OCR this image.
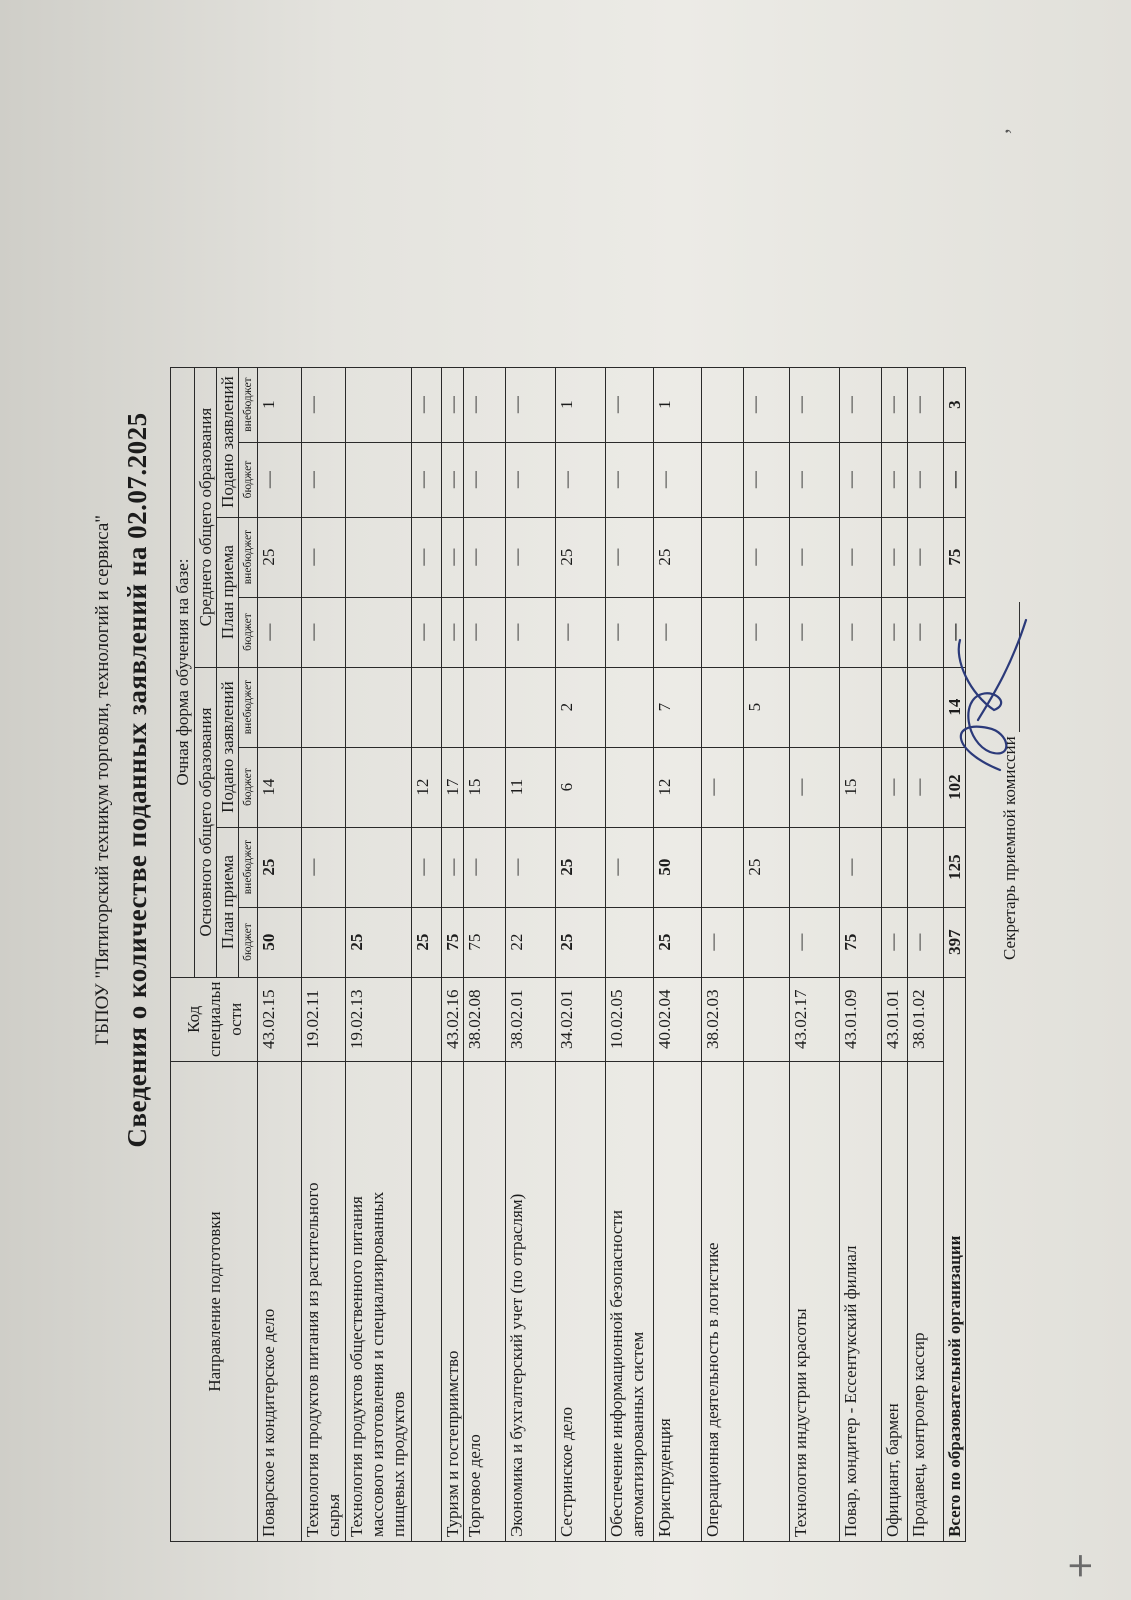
ГБПОУ "Пятигорский техникум торговли, технологий и сервиса" Сведения о количестве поданных заявлений на 02.07.2025
Направление подготовки	Код специальн ости	Очная форма обучения на базе:							
		Основного общего образования				Среднего общего образования			
		План приема		Подано заявлений		План приема		Подано заявлений	
		бюджет	внебюджет	бюджет	внебюджет	бюджет	внебюджет	бюджет	внебюджет
Поварское и кондитерское дело	43.02.15	50	25	14		—	25	—	1
Технология продуктов питания из растительного сырья	19.02.11		—			—	—	—	—
Технология продуктов общественного питания массового изготовления и специализированных пищевых продуктов	19.02.13	25							
		25	—	12		—	—	—	—
Туризм и гостеприимство	43.02.16	75	—	17		—	—	—	—
Торговое дело	38.02.08	75	—	15		—	—	—	—
Экономика и бухгалтерский учет (по отраслям)	38.02.01	22	—	11		—	—	—	—
Сестринское дело	34.02.01	25	25	6	2	—	25	—	1
Обеспечение информационной безопасности автоматизированных систем	10.02.05		—			—	—	—	—
Юриспруденция	40.02.04	25	50	12	7	—	25	—	1
Операционная деятельность в логистике	38.02.03	—		—					
			25		5	—	—	—	—
Технология индустрии красоты	43.02.17	—		—		—	—	—	—
Повар, кондитер - Ессентукский филиал	43.01.09	75	—	15		—	—	—	—
Официант, бармен	43.01.01	—		—		—	—	—	—
Продавец, контролер кассир	38.01.02	—		—		—	—	—	—
Всего по образовательной организации		397	125	102	14	—	75	—	3
Секретарь приемной комиссии
+
’
